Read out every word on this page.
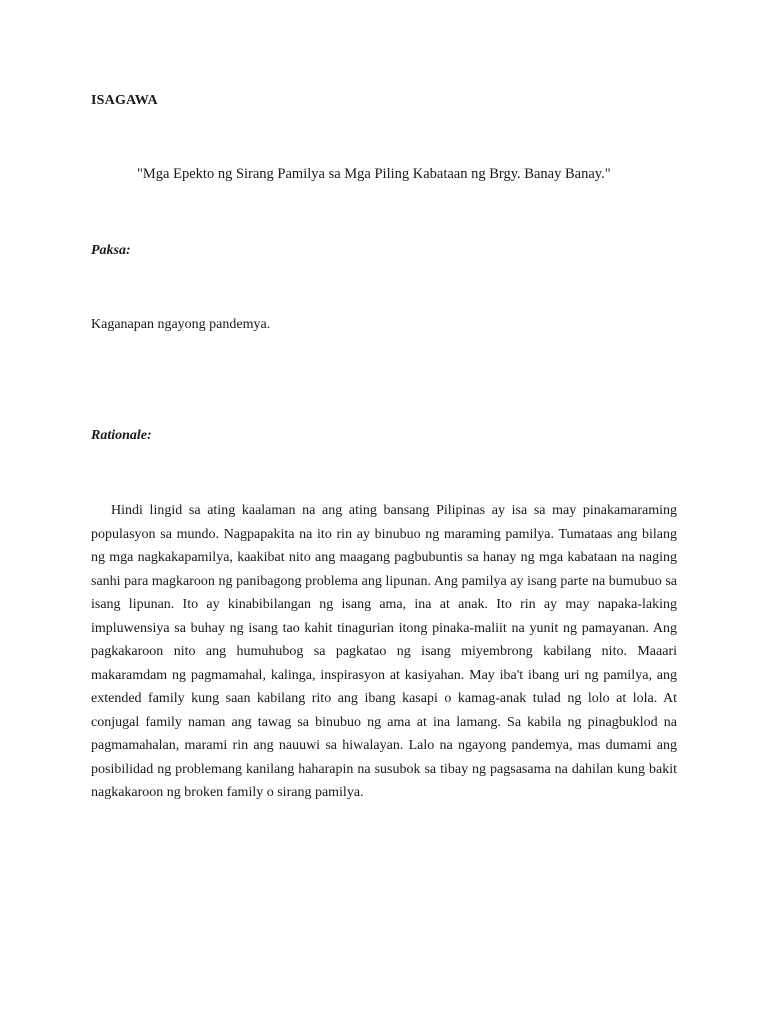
ISAGAWA
"Mga Epekto ng Sirang Pamilya sa Mga Piling Kabataan ng Brgy. Banay Banay."
Paksa:
Kaganapan ngayong pandemya.
Rationale:

Hindi lingid sa ating kaalaman na ang ating bansang Pilipinas ay isa sa may pinakamaraming populasyon sa mundo. Nagpapakita na ito rin ay binubuo ng maraming pamilya. Tumataas ang bilang ng mga nagkakapamilya, kaakibat nito ang maagang pagbubuntis sa hanay ng mga kabataan na naging sanhi para magkaroon ng panibagong problema ang lipunan. Ang pamilya ay isang parte na bumubuo sa isang lipunan. Ito ay kinabibilangan ng isang ama, ina at anak. Ito rin ay may napaka-laking impluwensiya sa buhay ng isang tao kahit tinagurian itong pinaka-maliit na yunit ng pamayanan. Ang pagkakaroon nito ang humuhubog sa pagkatao ng isang miyembrong kabilang nito. Maaari makaramdam ng pagmamahal, kalinga, inspirasyon at kasiyahan. May iba't ibang uri ng pamilya, ang extended family kung saan kabilang rito ang ibang kasapi o kamag-anak tulad ng lolo at lola. At conjugal family naman ang tawag sa binubuo ng ama at ina lamang. Sa kabila ng pinagbuklod na pagmamahalan, marami rin ang nauuwi sa hiwalayan. Lalo na ngayong pandemya, mas dumami ang posibilidad ng problemang kanilang haharapin na susubok sa tibay ng pagsasama na dahilan kung bakit nagkakaroon ng broken family o sirang pamilya.
